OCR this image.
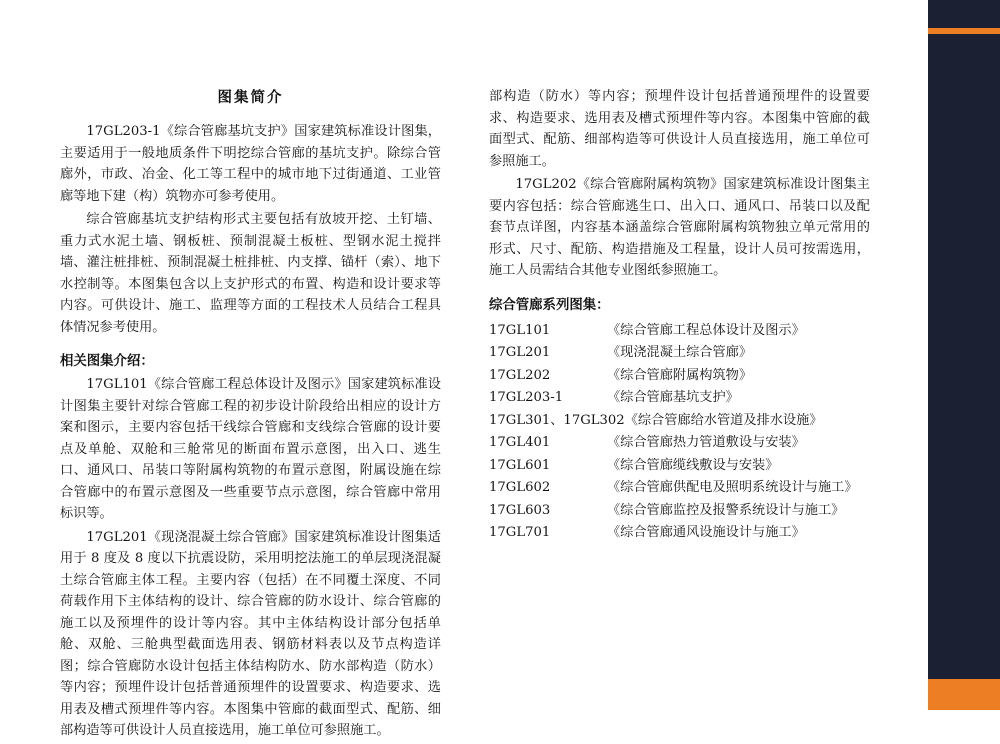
图集简介

17GL203-1《综合管廊基坑支护》国家建筑标准设计图集，主要适用于一般地质条件下明挖综合管廊的基坑支护。除综合管廊外，市政、冶金、化工等工程中的城市地下过街通道、工业管廊等地下建（构）筑物亦可参考使用。

综合管廊基坑支护结构形式主要包括有放坡开挖、土钉墙、重力式水泥土墙、钢板桩、预制混凝土板桩、型钢水泥土搅拌墙、灌注桩排桩、预制混凝土桩排桩、内支撑、锚杆（索）、地下水控制等。本图集包含以上支护形式的布置、构造和设计要求等内容。可供设计、施工、监理等方面的工程技术人员结合工程具体情况参考使用。

相关图集介绍：

17GL101《综合管廊工程总体设计及图示》国家建筑标准设计图集主要针对综合管廊工程的初步设计阶段给出相应的设计方案和图示，主要内容包括干线综合管廊和支线综合管廊的设计要点及单舱、双舱和三舱常见的断面布置示意图，出入口、逃生口、通风口、吊装口等附属构筑物的布置示意图，附属设施在综合管廊中的布置示意图及一些重要节点示意图，综合管廊中常用标识等。

17GL201《现浇混凝土综合管廊》国家建筑标准设计图集适用于 8 度及 8 度以下抗震设防，采用明挖法施工的单层现浇混凝土综合管廊主体工程。主要内容（包括）在不同覆土深度、不同荷载作用下主体结构的设计、综合管廊的防水设计、综合管廊的施工以及预埋件的设计等内容。其中主体结构设计部分包括单舱、双舱、三舱典型截面选用表、钢筋材料表以及节点构造详图；综合管廊防水设计包括主体结构防水、防水部构造（防水）等内容；预埋件设计包括普通预埋件的设置要求、构造要求、选用表及槽式预埋件等内容。本图集中管廊的截面型式、配筋、细部构造等可供设计人员直接选用，施工单位可参照施工。

部构造（防水）等内容；预埋件设计包括普通预埋件的设置要求、构造要求、选用表及槽式预埋件等内容。本图集中管廊的截面型式、配筋、细部构造等可供设计人员直接选用，施工单位可参照施工。

17GL202《综合管廊附属构筑物》国家建筑标准设计图集主要内容包括：综合管廊逃生口、出入口、通风口、吊装口以及配套节点详图，内容基本涵盖综合管廊附属构筑物独立单元常用的形式、尺寸、配筋、构造措施及工程量，设计人员可按需选用，施工人员需结合其他专业图纸参照施工。

综合管廊系列图集：
17GL101	《综合管廊工程总体设计及图示》
17GL201	《现浇混凝土综合管廊》
17GL202	《综合管廊附属构筑物》
17GL203-1	《综合管廊基坑支护》
17GL301、17GL302《综合管廊给水管道及排水设施》
17GL401	《综合管廊热力管道敷设与安装》
17GL601	《综合管廊缆线敷设与安装》
17GL602	《综合管廊供配电及照明系统设计与施工》
17GL603	《综合管廊监控及报警系统设计与施工》
17GL701	《综合管廊通风设施设计与施工》
